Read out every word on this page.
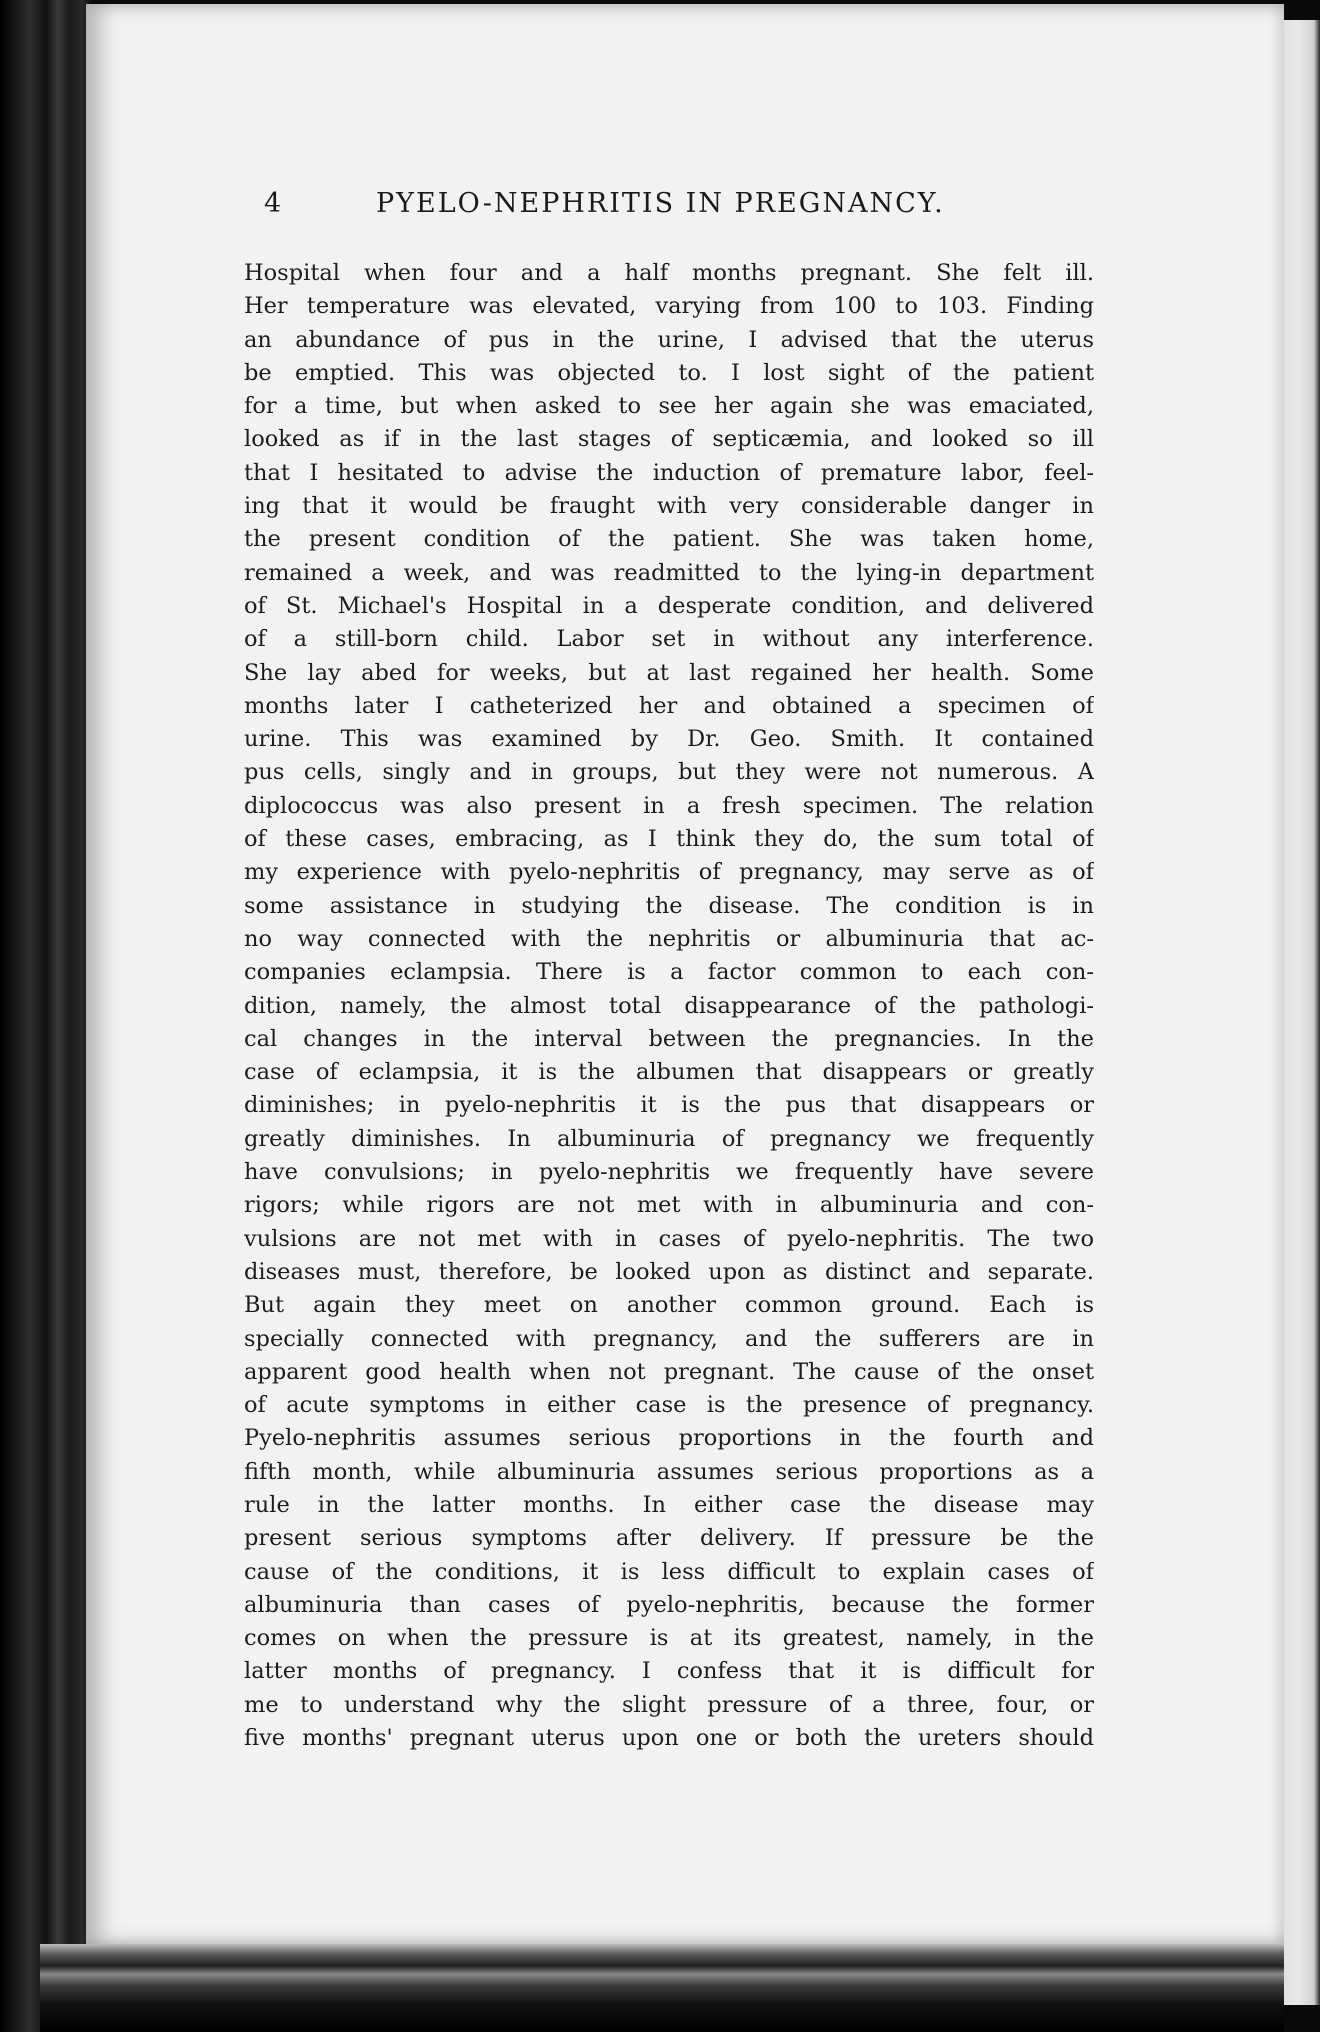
4	PYELO-NEPHRITIS IN PREGNANCY.
Hospital when four and a half months pregnant. She felt ill.
Her temperature was elevated, varying from 100 to 103. Finding
an abundance of pus in the urine, I advised that the uterus
be emptied. This was objected to. I lost sight of the patient
for a time, but when asked to see her again she was emaciated,
looked as if in the last stages of septicæmia, and looked so ill
that I hesitated to advise the induction of premature labor, feel-
ing that it would be fraught with very considerable danger in
the present condition of the patient. She was taken home,
remained a week, and was readmitted to the lying-in department
of St. Michael's Hospital in a desperate condition, and delivered
of a still-born child. Labor set in without any interference.
She lay abed for weeks, but at last regained her health. Some
months later I catheterized her and obtained a specimen of
urine. This was examined by Dr. Geo. Smith. It contained
pus cells, singly and in groups, but they were not numerous. A
diplococcus was also present in a fresh specimen. The relation
of these cases, embracing, as I think they do, the sum total of
my experience with pyelo-nephritis of pregnancy, may serve as of
some assistance in studying the disease. The condition is in
no way connected with the nephritis or albuminuria that ac-
companies eclampsia. There is a factor common to each con-
dition, namely, the almost total disappearance of the pathologi-
cal changes in the interval between the pregnancies. In the
case of eclampsia, it is the albumen that disappears or greatly
diminishes; in pyelo-nephritis it is the pus that disappears or
greatly diminishes. In albuminuria of pregnancy we frequently
have convulsions; in pyelo-nephritis we frequently have severe
rigors; while rigors are not met with in albuminuria and con-
vulsions are not met with in cases of pyelo-nephritis. The two
diseases must, therefore, be looked upon as distinct and separate.
But again they meet on another common ground. Each is
specially connected with pregnancy, and the sufferers are in
apparent good health when not pregnant. The cause of the onset
of acute symptoms in either case is the presence of pregnancy.
Pyelo-nephritis assumes serious proportions in the fourth and
fifth month, while albuminuria assumes serious proportions as a
rule in the latter months. In either case the disease may
present serious symptoms after delivery. If pressure be the
cause of the conditions, it is less difficult to explain cases of
albuminuria than cases of pyelo-nephritis, because the former
comes on when the pressure is at its greatest, namely, in the
latter months of pregnancy. I confess that it is difficult for
me to understand why the slight pressure of a three, four, or
five months' pregnant uterus upon one or both the ureters should
